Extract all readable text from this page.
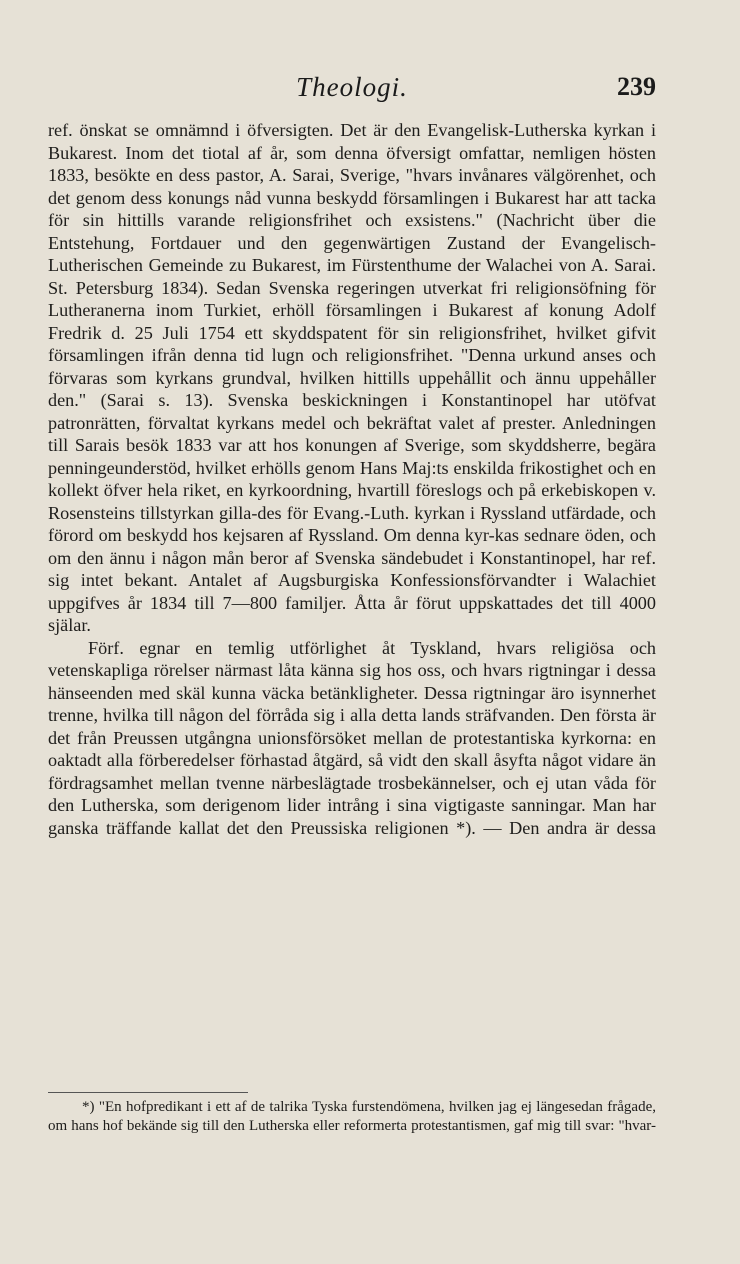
Theologi.	239

ref. önskat se omnämnd i öfversigten. Det är den Evangelisk-Lutherska kyrkan i Bukarest. Inom det tiotal af år, som denna öfversigt omfattar, nemligen hösten 1833, besökte en dess pastor, A. Sarai, Sverige, "hvars invånares välgörenhet, och det genom dess konungs nåd vunna beskydd församlingen i Bukarest har att tacka för sin hittills varande religionsfrihet och exsistens." (Nachricht über die Entstehung, Fortdauer und den gegenwärtigen Zustand der Evangelisch-Lutherischen Gemeinde zu Bukarest, im Fürstenthume der Walachei von A. Sarai. St. Petersburg 1834). Sedan Svenska regeringen utverkat fri religionsöfning för Lutheranerna inom Turkiet, erhöll församlingen i Bukarest af konung Adolf Fredrik d. 25 Juli 1754 ett skyddspatent för sin religionsfrihet, hvilket gifvit församlingen ifrån denna tid lugn och religionsfrihet. "Denna urkund anses och förvaras som kyrkans grundval, hvilken hittills uppehållit och ännu uppehåller den." (Sarai s. 13). Svenska beskickningen i Konstantinopel har utöfvat patronrätten, förvaltat kyrkans medel och bekräftat valet af prester. Anledningen till Sarais besök 1833 var att hos konungen af Sverige, som skyddsherre, begära penningeunderstöd, hvilket erhölls genom Hans Maj:ts enskilda frikostighet och en kollekt öfver hela riket, en kyrkoordning, hvartill föreslogs och på erkebiskopen v. Rosensteins tillstyrkan gilla-des för Evang.-Luth. kyrkan i Ryssland utfärdade, och förord om beskydd hos kejsaren af Ryssland. Om denna kyr-kas sednare öden, och om den ännu i någon mån beror af Svenska sändebudet i Konstantinopel, har ref. sig intet bekant. Antalet af Augsburgiska Konfessionsförvandter i Walachiet uppgifves år 1834 till 7—800 familjer. Åtta år förut uppskattades det till 4000 själar.

Förf. egnar en temlig utförlighet åt Tyskland, hvars religiösa och vetenskapliga rörelser närmast låta känna sig hos oss, och hvars rigtningar i dessa hänseenden med skäl kunna väcka betänkligheter. Dessa rigtningar äro isynnerhet trenne, hvilka till någon del förråda sig i alla detta lands sträfvanden. Den första är det från Preussen utgångna unionsförsöket mellan de protestantiska kyrkorna: en oaktadt alla förberedelser förhastad åtgärd, så vidt den skall åsyfta något vidare än fördragsamhet mellan tvenne närbeslägtade trosbekännelser, och ej utan våda för den Lutherska, som derigenom lider intrång i sina vigtigaste sanningar. Man har ganska träffande kallat det den Preussiska religionen *). — Den andra är dessa

*) "En hofpredikant i ett af de talrika Tyska furstendömena, hvilken jag ej längesedan frågade, om hans hof bekände sig till den Lutherska eller reformerta protestantismen, gaf mig till svar: "hvar-
